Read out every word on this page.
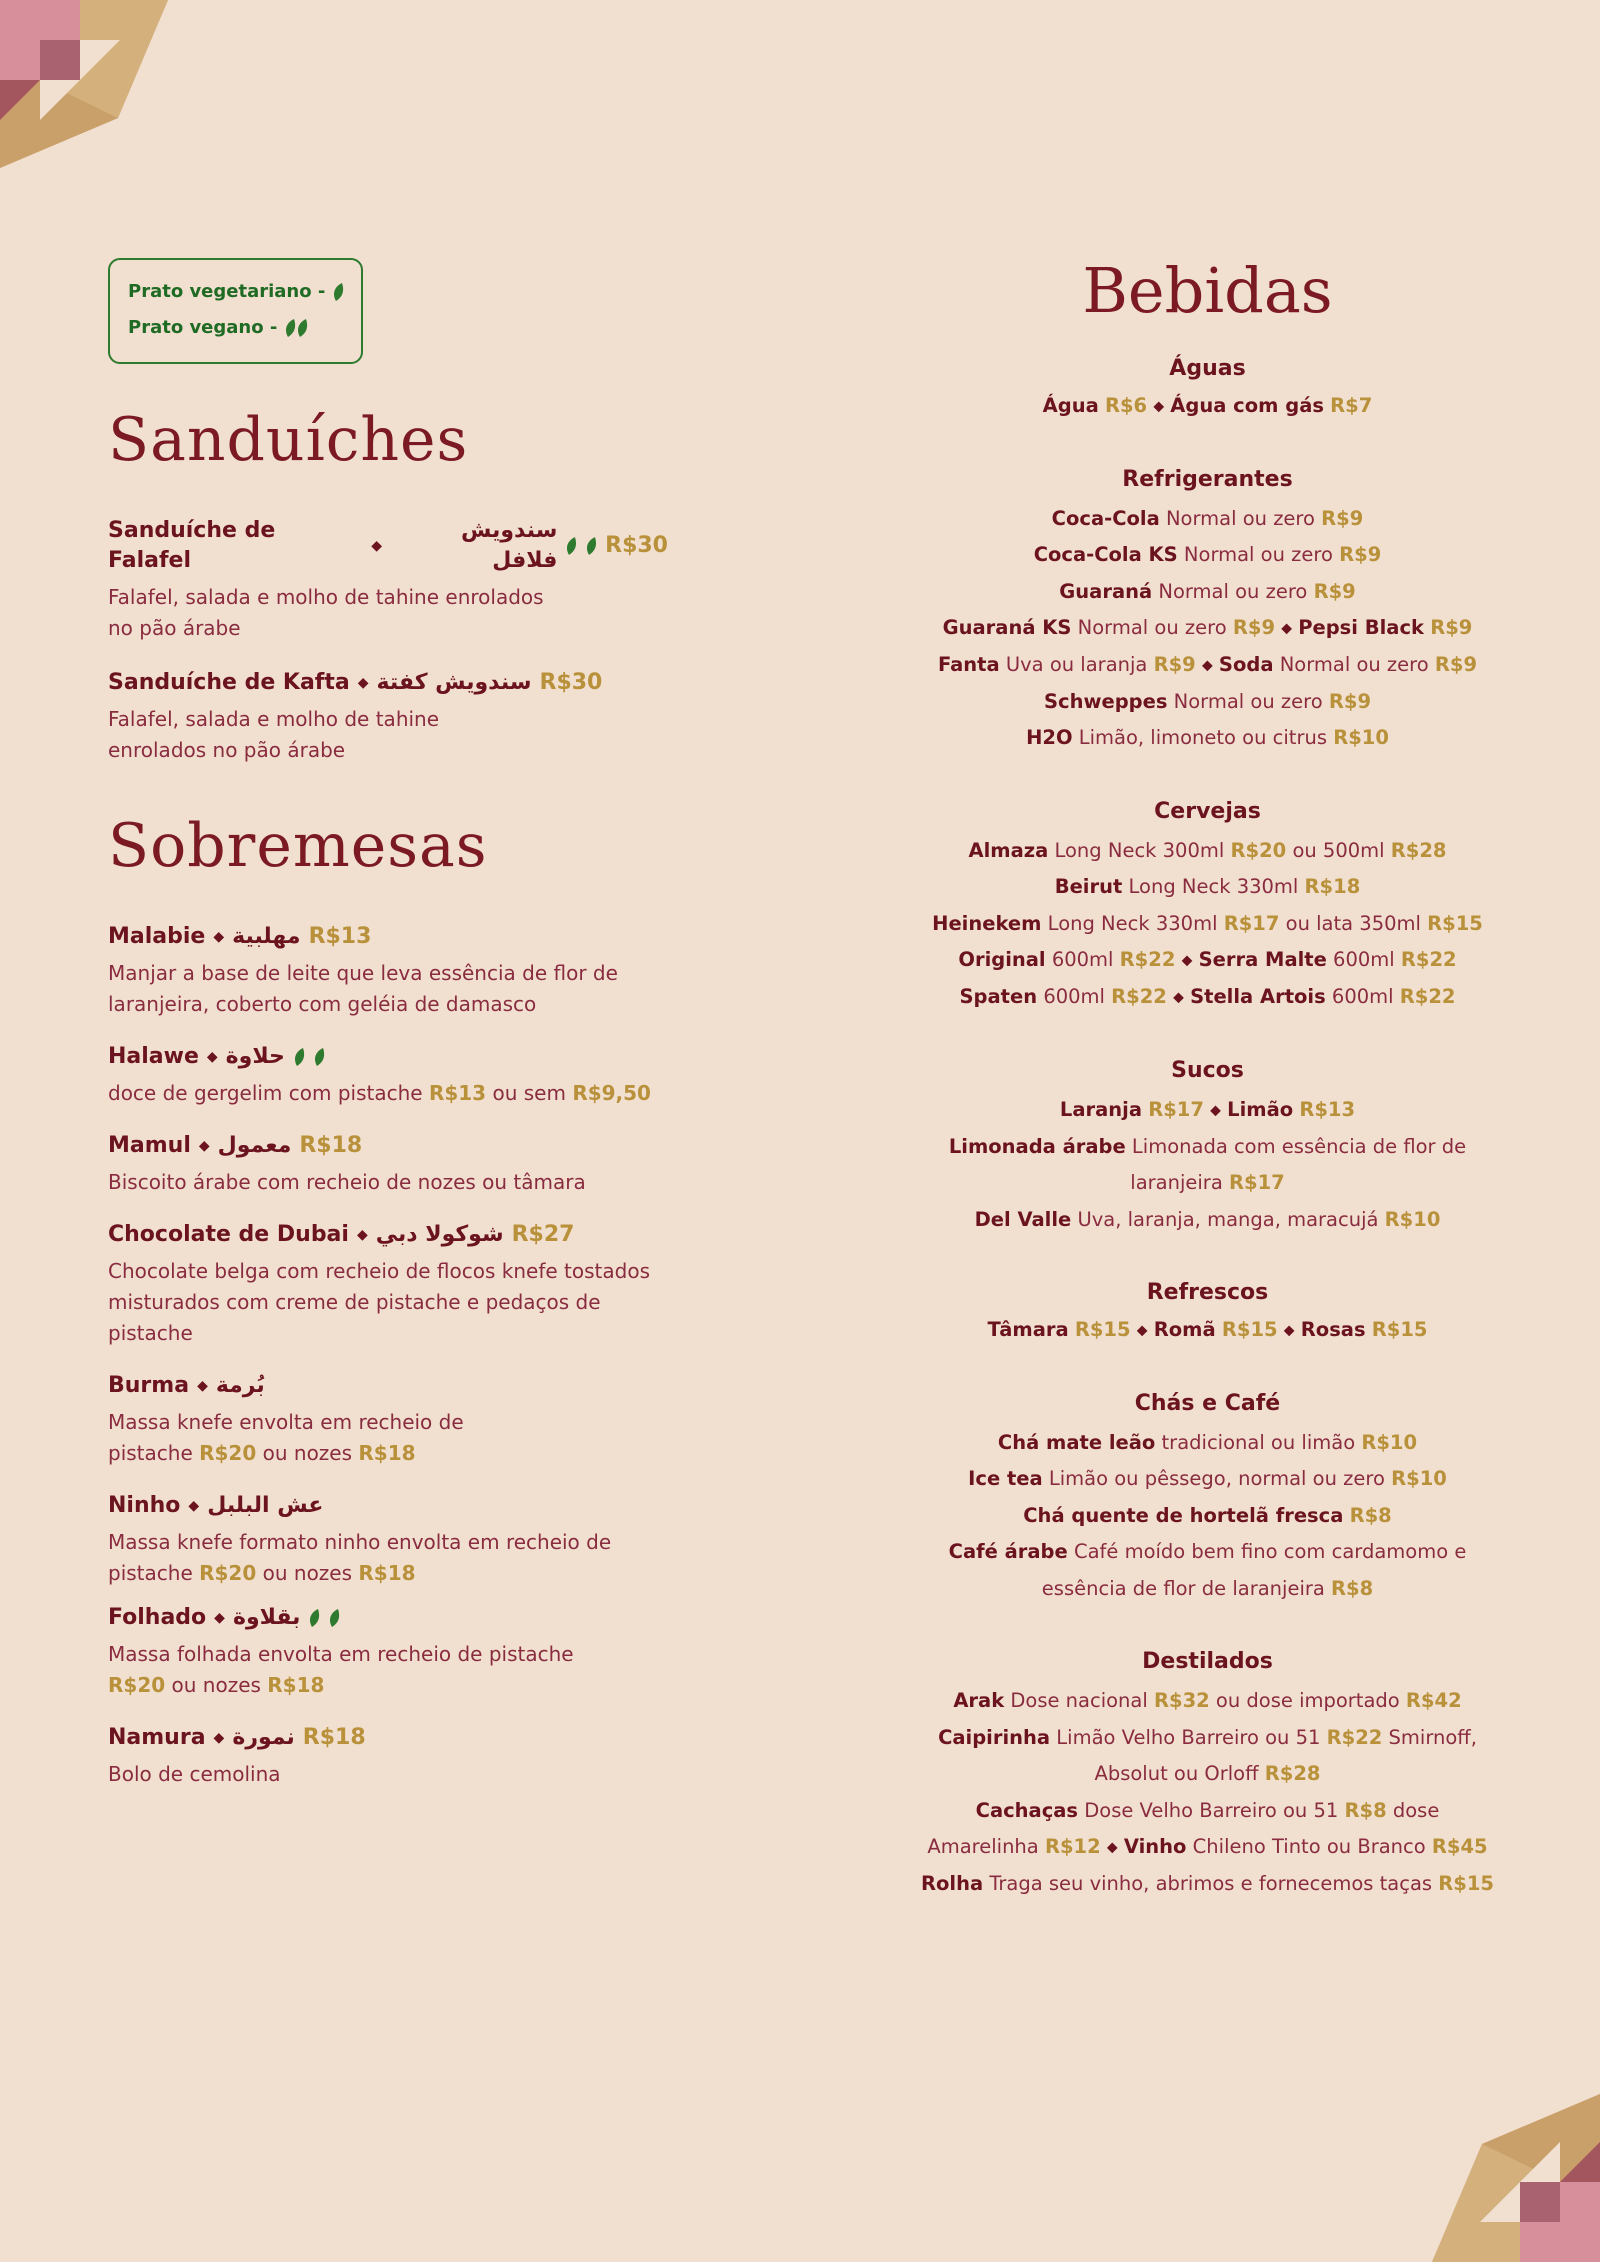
Prato vegetariano -

Prato vegano -

Sanduíches
Sanduíche de Falafel
◆
سندويش فلافل
R$30
Falafel, salada e molho de tahine enrolados
no pão árabe
Sanduíche de Kafta ◆ سندويش كفتة R$30
Falafel, salada e molho de tahine
enrolados no pão árabe
Sobremesas
Malabie ◆ مهلبية R$13
Manjar a base de leite que leva essência de flor de
laranjeira, coberto com geléia de damasco
Halawe ◆ حلاوة
doce de gergelim com pistache R$13 ou sem R$9,50
Mamul ◆ معمول R$18
Biscoito árabe com recheio de nozes ou tâmara
Chocolate de Dubai ◆ شوكولا دبي R$27
Chocolate belga com recheio de flocos knefe tostados
misturados com creme de pistache e pedaços de
pistache
Burma ◆ بُرمة
Massa knefe envolta em recheio de
pistache R$20 ou nozes R$18
Ninho ◆ عش البلبل
Massa knefe formato ninho envolta em recheio de
pistache R$20 ou nozes R$18
Folhado ◆ بقلاوة
Massa folhada envolta em recheio de pistache
R$20 ou nozes R$18
Namura ◆ نمورة R$18
Bolo de cemolina
Bebidas
Águas
Água R$6 ◆ Água com gás R$7
Refrigerantes
Coca-Cola Normal ou zero R$9
Coca-Cola KS Normal ou zero R$9
Guaraná Normal ou zero R$9
Guaraná KS Normal ou zero R$9 ◆ Pepsi Black R$9
Fanta Uva ou laranja R$9 ◆ Soda Normal ou zero R$9
Schweppes Normal ou zero R$9
H2O Limão, limoneto ou citrus R$10
Cervejas
Almaza Long Neck 300ml R$20 ou 500ml R$28
Beirut Long Neck 330ml R$18
Heinekem Long Neck 330ml R$17 ou lata 350ml R$15
Original 600ml R$22 ◆ Serra Malte 600ml R$22
Spaten 600ml R$22 ◆ Stella Artois 600ml R$22
Sucos
Laranja R$17 ◆ Limão R$13
Limonada árabe Limonada com essência de flor de
laranjeira R$17
Del Valle Uva, laranja, manga, maracujá R$10
Refrescos
Tâmara R$15 ◆ Romã R$15 ◆ Rosas R$15
Chás e Café
Chá mate leão tradicional ou limão R$10
Ice tea Limão ou pêssego, normal ou zero R$10
Chá quente de hortelã fresca R$8
Café árabe Café moído bem fino com cardamomo e
essência de flor de laranjeira R$8
Destilados
Arak Dose nacional R$32 ou dose importado R$42
Caipirinha Limão Velho Barreiro ou 51 R$22 Smirnoff,
Absolut ou Orloff R$28
Cachaças Dose Velho Barreiro ou 51 R$8 dose
Amarelinha R$12 ◆ Vinho Chileno Tinto ou Branco R$45
Rolha Traga seu vinho, abrimos e fornecemos taças R$15
